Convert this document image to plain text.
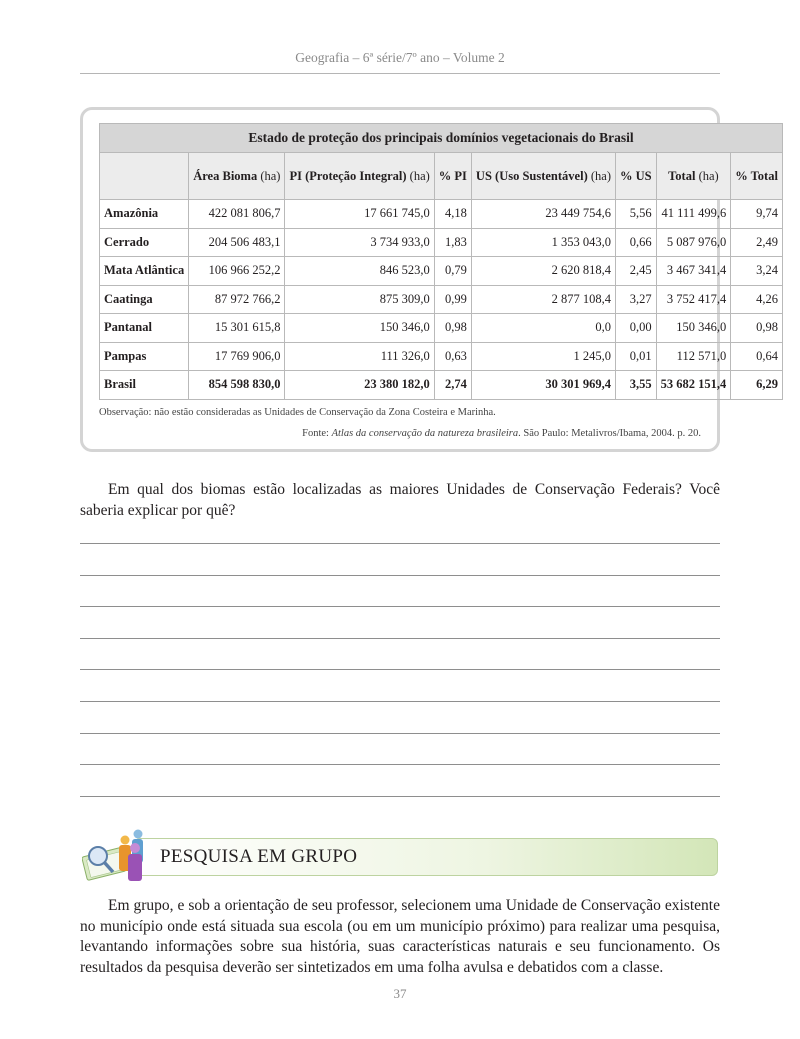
Geografia – 6ª série/7º ano – Volume 2
Estado de proteção dos principais domínios vegetacionais do Brasil							
	Área Bioma (ha)	PI (Proteção Integral) (ha)	% PI	US (Uso Sustentável) (ha)	% US	Total (ha)	% Total
Amazônia	422 081 806,7	17 661 745,0	4,18	23 449 754,6	5,56	41 111 499,6	9,74
Cerrado	204 506 483,1	3 734 933,0	1,83	1 353 043,0	0,66	5 087 976,0	2,49
Mata Atlântica	106 966 252,2	846 523,0	0,79	2 620 818,4	2,45	3 467 341,4	3,24
Caatinga	87 972 766,2	875 309,0	0,99	2 877 108,4	3,27	3 752 417,4	4,26
Pantanal	15 301 615,8	150 346,0	0,98	0,0	0,00	150 346,0	0,98
Pampas	17 769 906,0	111 326,0	0,63	1 245,0	0,01	112 571,0	0,64
Brasil	854 598 830,0	23 380 182,0	2,74	30 301 969,4	3,55	53 682 151,4	6,29
Observação: não estão consideradas as Unidades de Conservação da Zona Costeira e Marinha.
Fonte: Atlas da conservação da natureza brasileira. São Paulo: Metalivros/Ibama, 2004. p. 20.
Em qual dos biomas estão localizadas as maiores Unidades de Conservação Federais? Você saberia explicar por quê?
PESQUISA EM GRUPO

Em grupo, e sob a orientação de seu professor, selecionem uma Unidade de Conservação existente no município onde está situada sua escola (ou em um município próximo) para realizar uma pesquisa, levantando informações sobre sua história, suas características naturais e seu funcionamento. Os resultados da pesquisa deverão ser sintetizados em uma folha avulsa e debatidos com a classe.

37
